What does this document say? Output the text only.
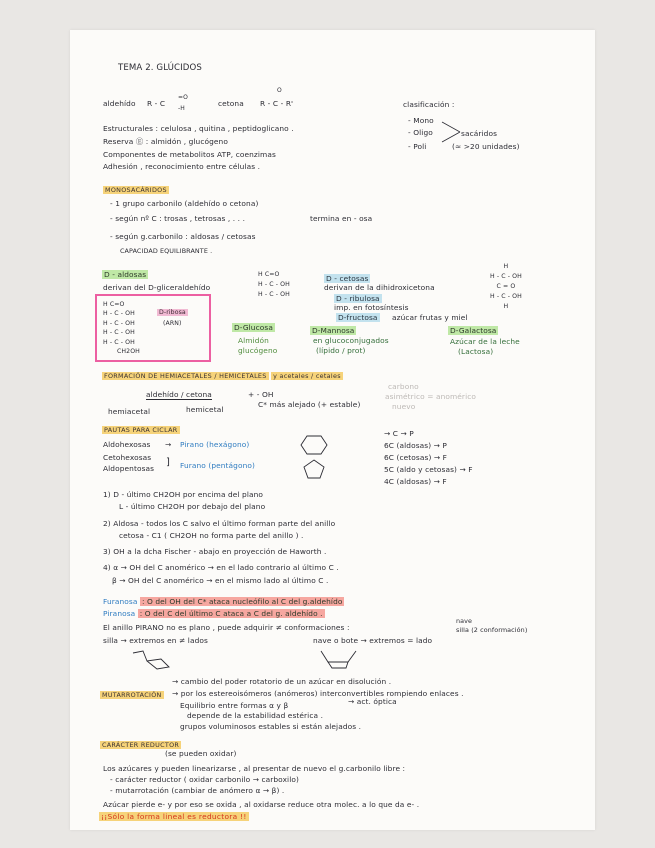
TEMA 2. GLÚCIDOS
aldehído R - C
=O
-H
cetona R - C - R'
O
clasificación :
- Mono
- Oligo	sacáridos
- Poli	(≈ >20 unidades)
Estructurales : celulosa , quitina , peptidoglicano .
Reserva Ⓔ : almidón , glucógeno
Componentes de metabolitos ATP, coenzimas
Adhesión , reconocimiento entre células .
MONOSACÁRIDOS
- 1 grupo carbonilo (aldehído o cetona)
- según nº C : trosas , tetrosas , . . .	termina en - osa
- según g.carbonilo : aldosas / cetosas
CAPACIDAD EQUILIBRANTE .
D - aldosas
derivan del D-gliceraldehído
H C=O
H - C - OH
H - C - OH
H - C - OH
H - C - OH
CH2OH
D-ribosa
(ARN)
H C=O
H - C - OH
H - C - OH
D-Glucosa
Almidón
glucógeno
D - cetosas
derivan de la dihidroxicetona
D - ribulosa
imp. en fotosíntesis
D-fructosa azúcar frutas y miel
D-Mannosa
en glucoconjugados
(lípido / prot)
H
H - C - OH
C = O
H - C - OH
H
D-Galactosa
Azúcar de la leche
(Lactosa)
FORMACIÓN DE HEMIACETALES / HEMICETALES y acetales / cetales
aldehído / cetona	+ - OH
C* más alejado (+ estable)
hemiacetal	hemicetal
carbono
asimétrico = anomérico
nuevo
PAUTAS PARA CICLAR
Aldohexosas → Pirano (hexágono)
Cetohexosas
Aldopentosas
] Furano (pentágono)
→ C → P
6C (aldosas) → P
6C (cetosas) → F
5C (aldo y cetosas) → F
4C (aldosas) → F
1) D - último CH2OH por encima del plano
L - último CH2OH por debajo del plano
2) Aldosa - todos los C salvo el último forman parte del anillo
cetosa - C1 ( CH2OH no forma parte del anillo ) .
3) OH a la dcha Fischer - abajo en proyección de Haworth .
4) α → OH del C anomérico → en el lado contrario al último C .
β → OH del C anomérico → en el mismo lado al último C .
Furanosa : O del OH del C* ataca nucleófilo al C del g.aldehído
Piranosa : O del C del último C ataca a C del g. aldehído .
El anillo PIRANO no es plano , puede adquirir ≠ conformaciones :
nave
silla (2 conformación)
silla → extremos en ≠ lados	nave o bote → extremos = lado
MUTARROTACIÓN
→ cambio del poder rotatorio de un azúcar en disolución .
→ por los estereoisómeros (anómeros) interconvertibles rompiendo enlaces .
Equilibrio entre formas α y β	→ act. óptica
depende de la estabilidad estérica .
grupos voluminosos estables si están alejados .
CARÁCTER REDUCTOR
(se pueden oxidar)
Los azúcares y pueden linearizarse , al presentar de nuevo el g.carbonilo libre :
- carácter reductor ( oxidar carbonilo → carboxilo)
- mutarrotación (cambiar de anómero α → β) .
Azúcar pierde e- y por eso se oxida , al oxidarse reduce otra molec. a lo que da e- .
¡¡Sólo la forma lineal es reductora !!
